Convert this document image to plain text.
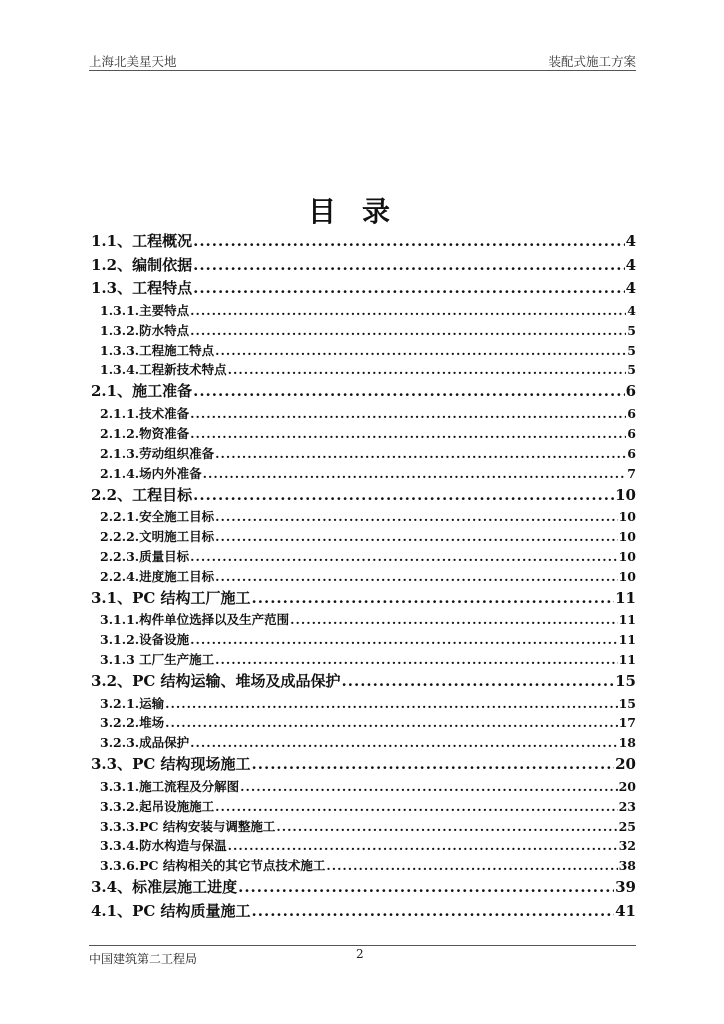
上海北美星天地	装配式施工方案
目录
1.1、工程概况 .....	4
1.2、编制依据 .....	4
1.3、工程特点 .....	4
1.3.1.主要特点 .....	4
1.3.2.防水特点 .....	5
1.3.3.工程施工特点 .....	5
1.3.4.工程新技术特点 .....	5
2.1、施工准备 .....	6
2.1.1.技术准备 .....	6
2.1.2.物资准备 .....	6
2.1.3.劳动组织准备 .....	6
2.1.4.场内外准备 .....	7
2.2、工程目标 .....	10
2.2.1.安全施工目标 .....	10
2.2.2.文明施工目标 .....	10
2.2.3.质量目标 .....	10
2.2.4.进度施工目标 .....	10
3.1、PC 结构工厂施工 .....	11
3.1.1.构件单位选择以及生产范围 .....	11
3.1.2.设备设施 .....	11
3.1.3 工厂生产施工 .....	11
3.2、PC 结构运输、堆场及成品保护 .....	15
3.2.1.运输 .....	15
3.2.2.堆场 .....	17
3.2.3.成品保护 .....	18
3.3、PC 结构现场施工 .....	20
3.3.1.施工流程及分解图 .....	20
3.3.2.起吊设施施工 .....	23
3.3.3.PC 结构安装与调整施工 .....	25
3.3.4.防水构造与保温 .....	32
3.3.6.PC 结构相关的其它节点技术施工 .....	38
3.4、标准层施工进度 .....	39
4.1、PC 结构质量施工 .....	41
中国建筑第二工程局	2
